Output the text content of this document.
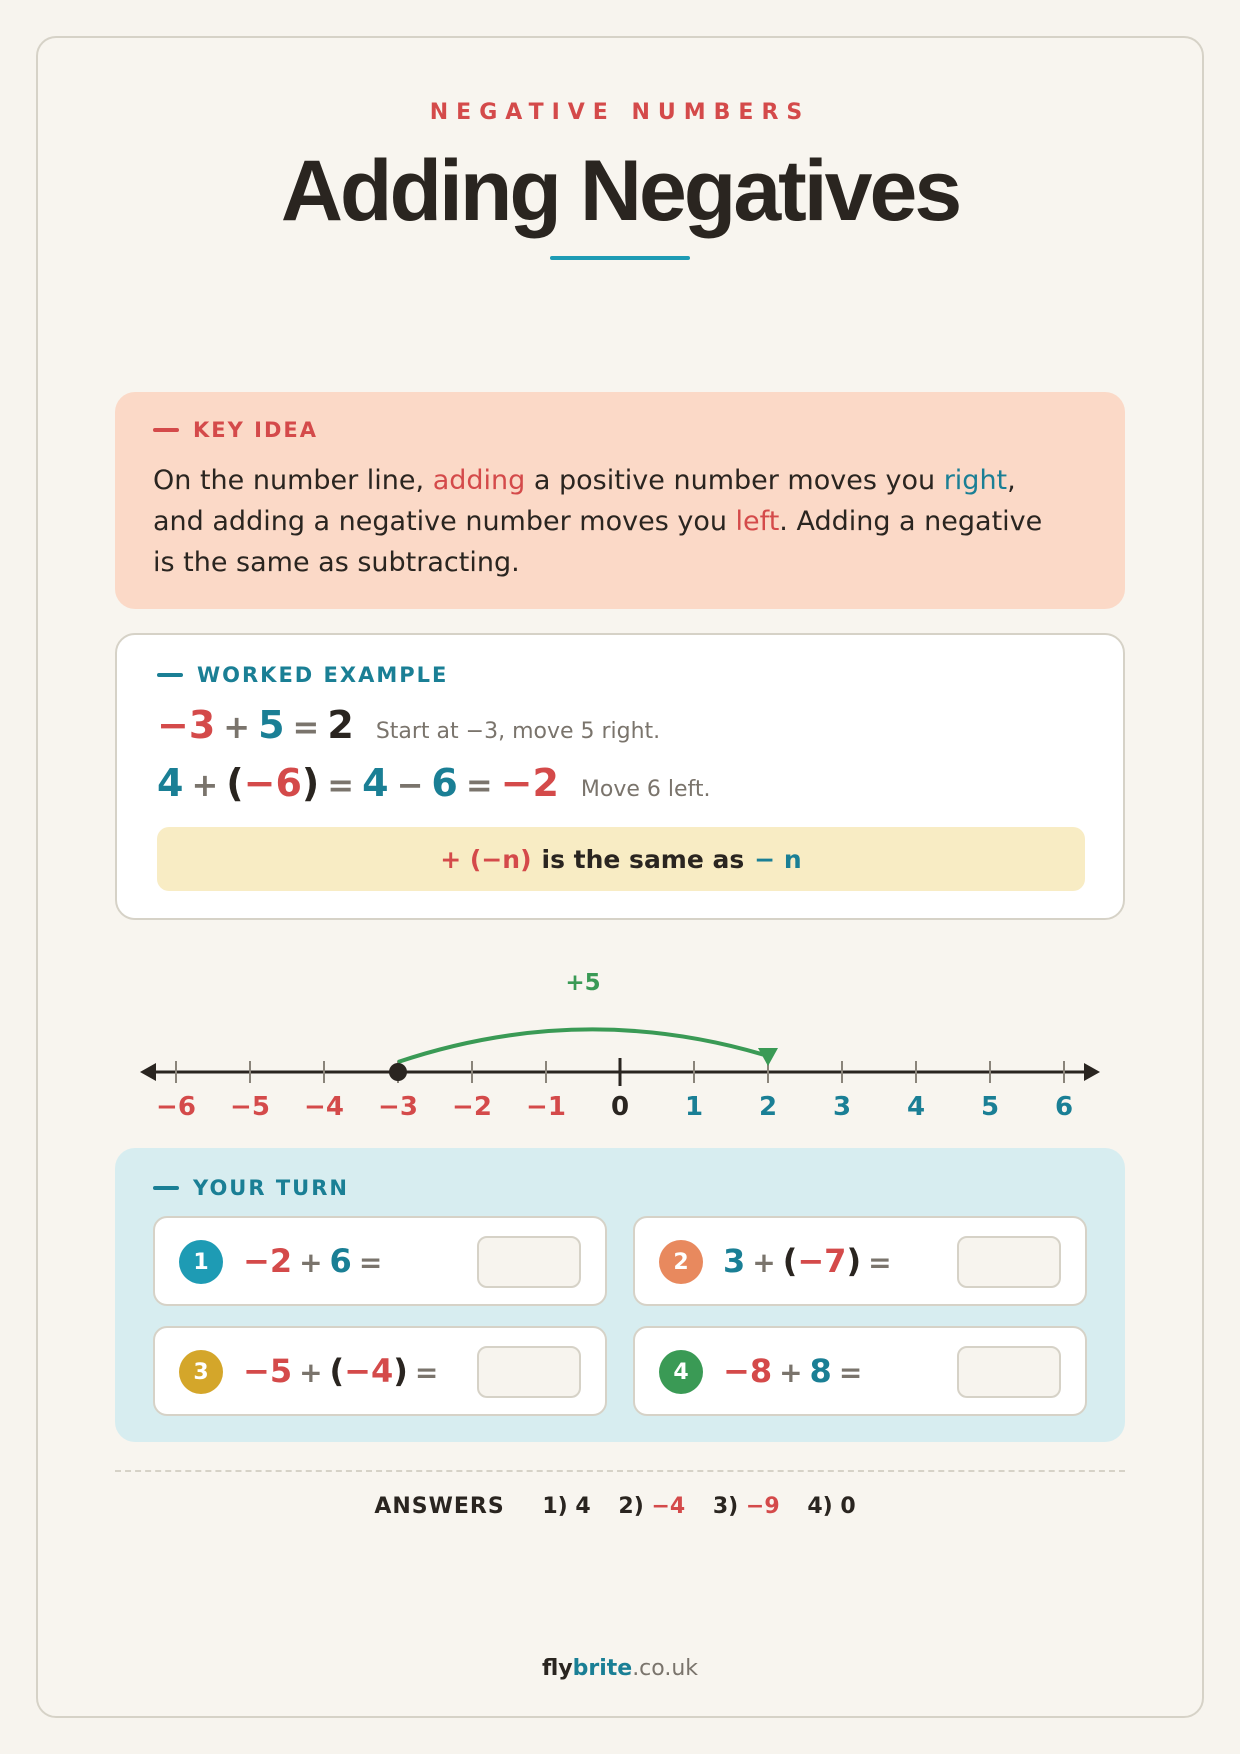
NEGATIVE NUMBERS
Adding Negatives
KEY IDEA
On the number line, adding a positive number moves you right,
and adding a negative number moves you left. Adding a negative
is the same as subtracting.
WORKED EXAMPLE
−3 + 5 = 2 Start at −3, move 5 right.
4 + ( −6 ) = 4 − 6 = −2 Move 6 left.
+ (−n) is the same as − n
−6 −5 −4 −3 −2 −1 0 1 2 3 4 5 6
+5
YOUR TURN
1	−2 + 6 =	2	3 + ( −7 ) =
3	−5 + ( −4 ) =	4	−8 + 8 =
ANSWERS 1) 4 2) −4 3) −9 4) 0
flybrite.co.uk
